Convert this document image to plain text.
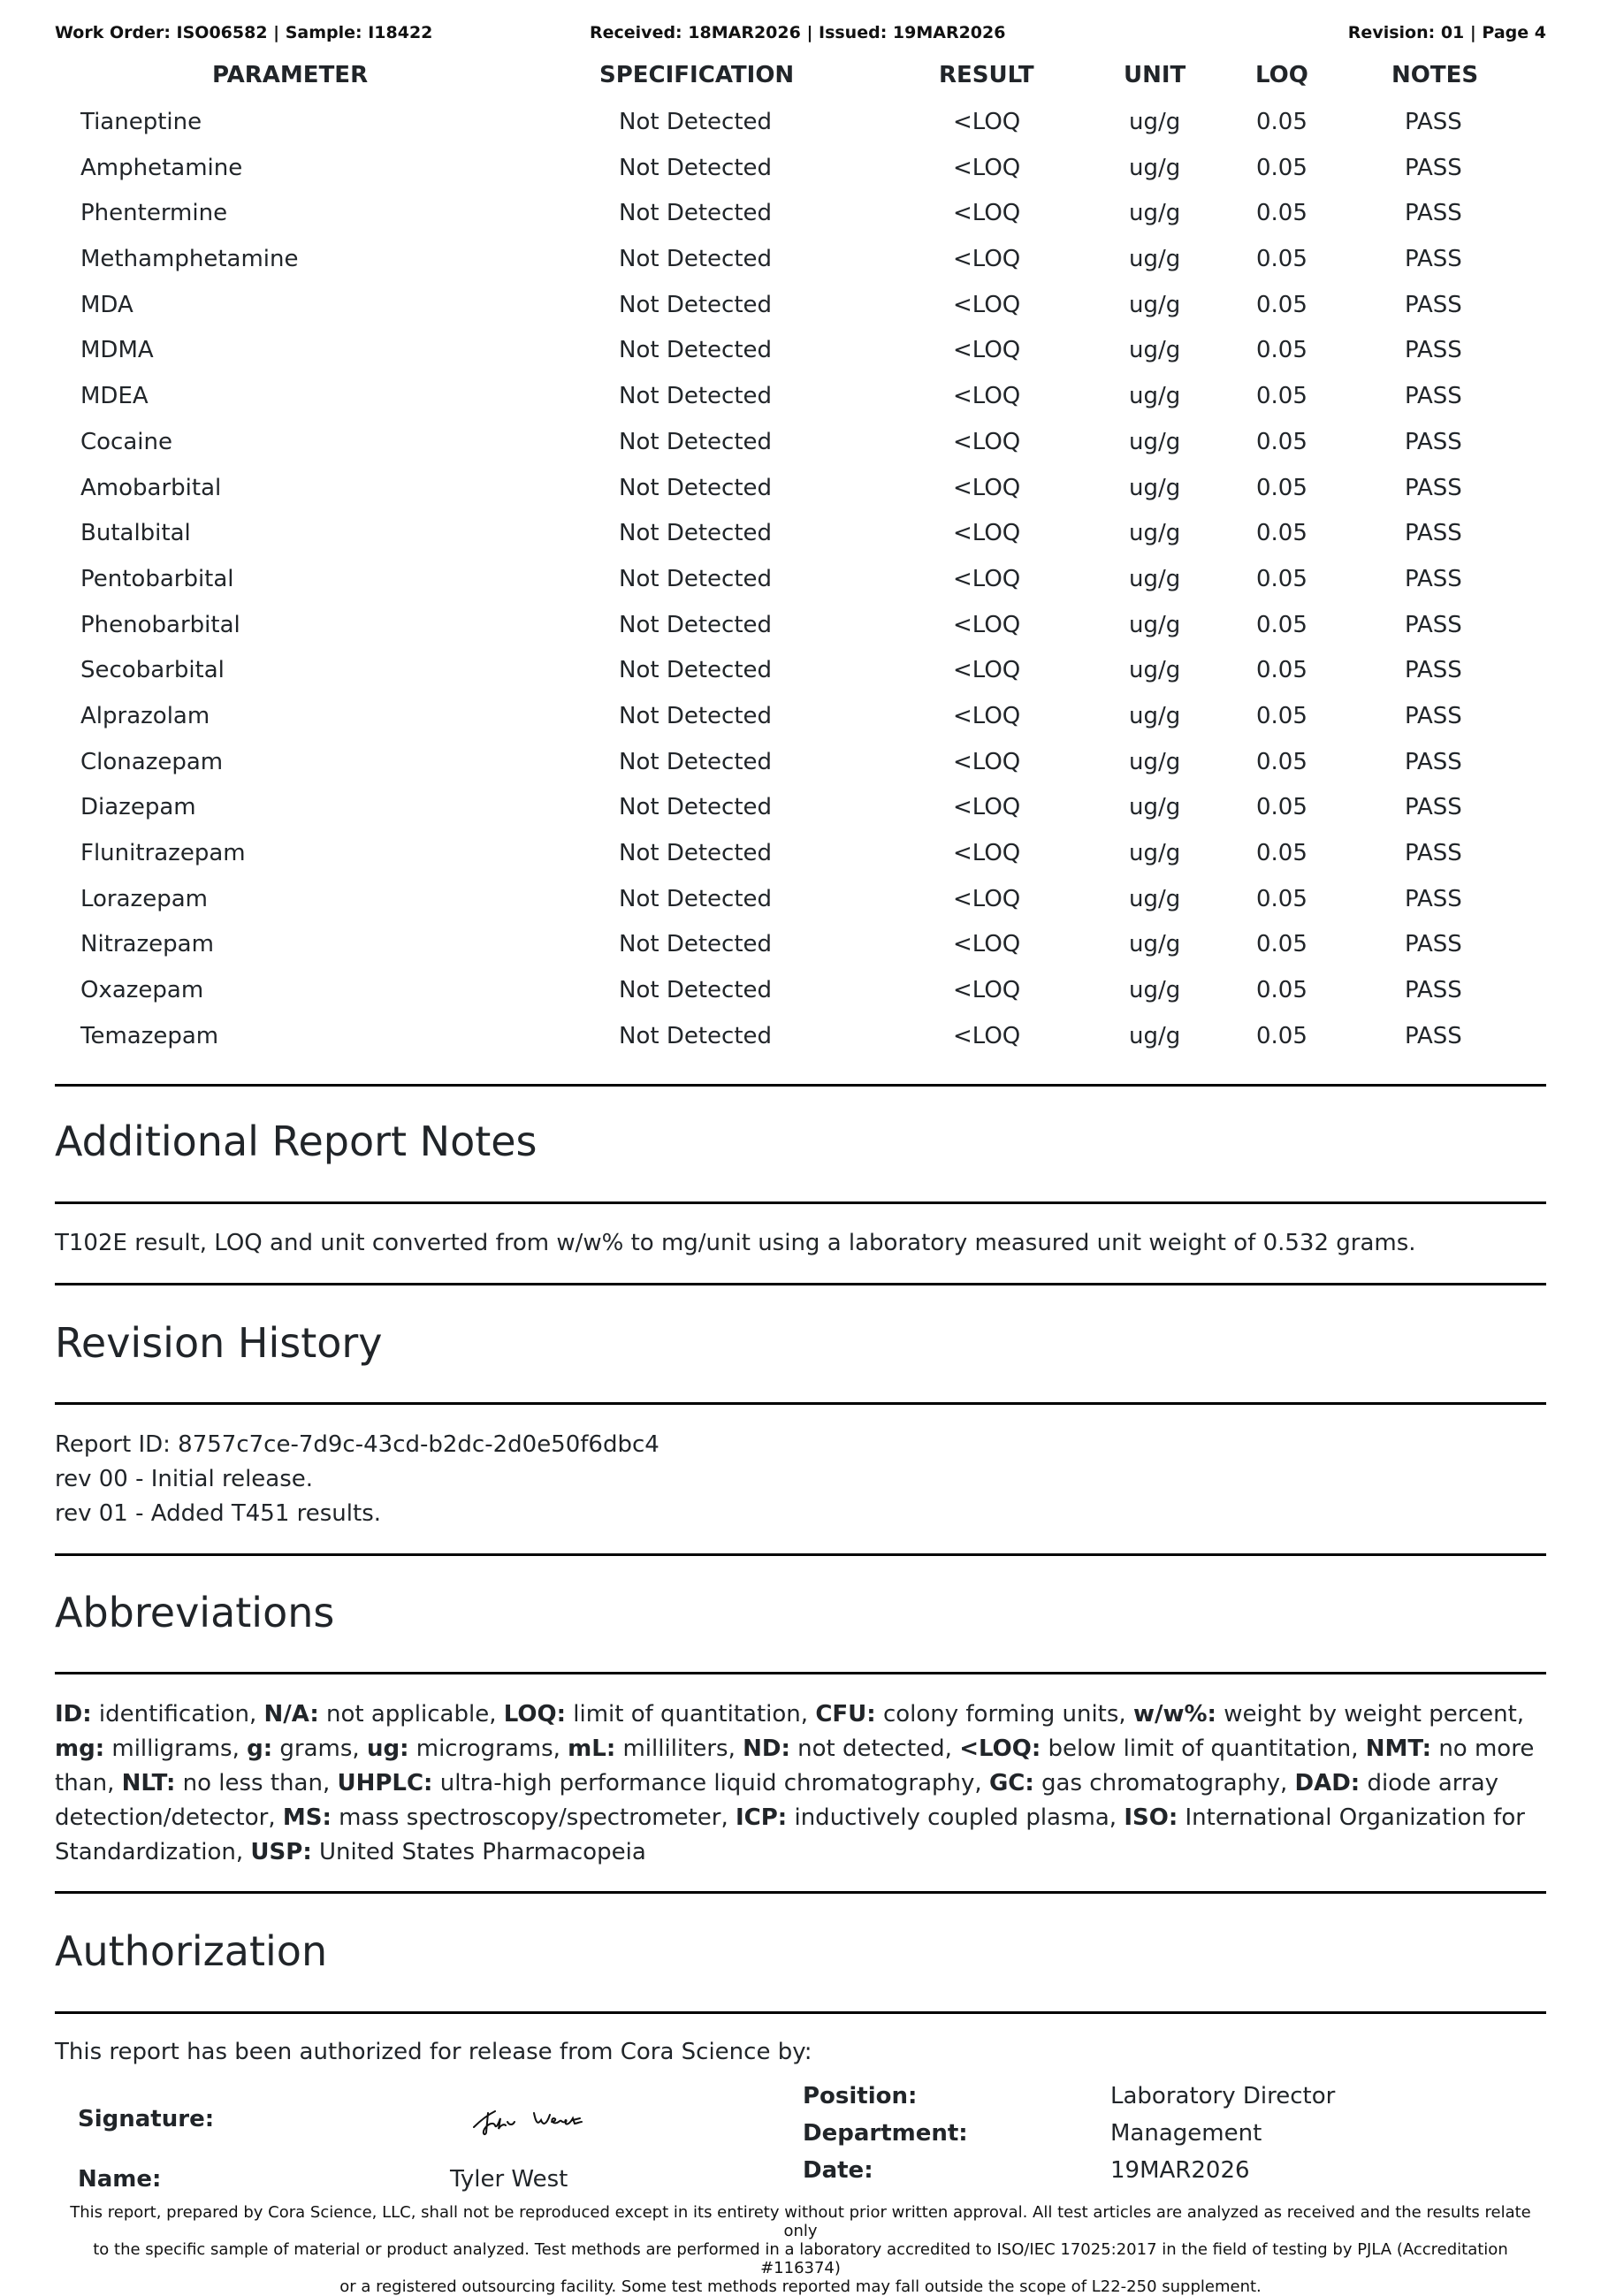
Work Order: ISO06582 | Sample: I18422	Received: 18MAR2026 | Issued: 19MAR2026	Revision: 01 | Page 4
PARAMETER	SPECIFICATION	RESULT	UNIT	LOQ	NOTES
Tianeptine	Not Detected	<LOQ	ug/g	0.05	PASS
Amphetamine	Not Detected	<LOQ	ug/g	0.05	PASS
Phentermine	Not Detected	<LOQ	ug/g	0.05	PASS
Methamphetamine	Not Detected	<LOQ	ug/g	0.05	PASS
MDA	Not Detected	<LOQ	ug/g	0.05	PASS
MDMA	Not Detected	<LOQ	ug/g	0.05	PASS
MDEA	Not Detected	<LOQ	ug/g	0.05	PASS
Cocaine	Not Detected	<LOQ	ug/g	0.05	PASS
Amobarbital	Not Detected	<LOQ	ug/g	0.05	PASS
Butalbital	Not Detected	<LOQ	ug/g	0.05	PASS
Pentobarbital	Not Detected	<LOQ	ug/g	0.05	PASS
Phenobarbital	Not Detected	<LOQ	ug/g	0.05	PASS
Secobarbital	Not Detected	<LOQ	ug/g	0.05	PASS
Alprazolam	Not Detected	<LOQ	ug/g	0.05	PASS
Clonazepam	Not Detected	<LOQ	ug/g	0.05	PASS
Diazepam	Not Detected	<LOQ	ug/g	0.05	PASS
Flunitrazepam	Not Detected	<LOQ	ug/g	0.05	PASS
Lorazepam	Not Detected	<LOQ	ug/g	0.05	PASS
Nitrazepam	Not Detected	<LOQ	ug/g	0.05	PASS
Oxazepam	Not Detected	<LOQ	ug/g	0.05	PASS
Temazepam	Not Detected	<LOQ	ug/g	0.05	PASS
Additional Report Notes
T102E result, LOQ and unit converted from w/w% to mg/unit using a laboratory measured unit weight of 0.532 grams.
Revision History
Report ID: 8757c7ce-7d9c-43cd-b2dc-2d0e50f6dbc4
rev 00 - Initial release.
rev 01 - Added T451 results.
Abbreviations
ID: identification, N/A: not applicable, LOQ: limit of quantitation, CFU: colony forming units, w/w%: weight by weight percent, mg: milligrams, g: grams, ug: micrograms, mL: milliliters, ND: not detected, <LOQ: below limit of quantitation, NMT: no more than, NLT: no less than, UHPLC: ultra-high performance liquid chromatography, GC: gas chromatography, DAD: diode array detection/detector, MS: mass spectroscopy/spectrometer, ICP: inductively coupled plasma, ISO: International Organization for Standardization, USP: United States Pharmacopeia
Authorization
This report has been authorized for release from Cora Science by:
Signature:
Name:	Tyler West
Position:	Laboratory Director
Department:	Management
Date:	19MAR2026
This report, prepared by Cora Science, LLC, shall not be reproduced except in its entirety without prior written approval. All test articles are analyzed as received and the results relate only
to the specific sample of material or product analyzed. Test methods are performed in a laboratory accredited to ISO/IEC 17025:2017 in the field of testing by PJLA (Accreditation #116374)
or a registered outsourcing facility. Some test methods reported may fall outside the scope of L22-250 supplement.
